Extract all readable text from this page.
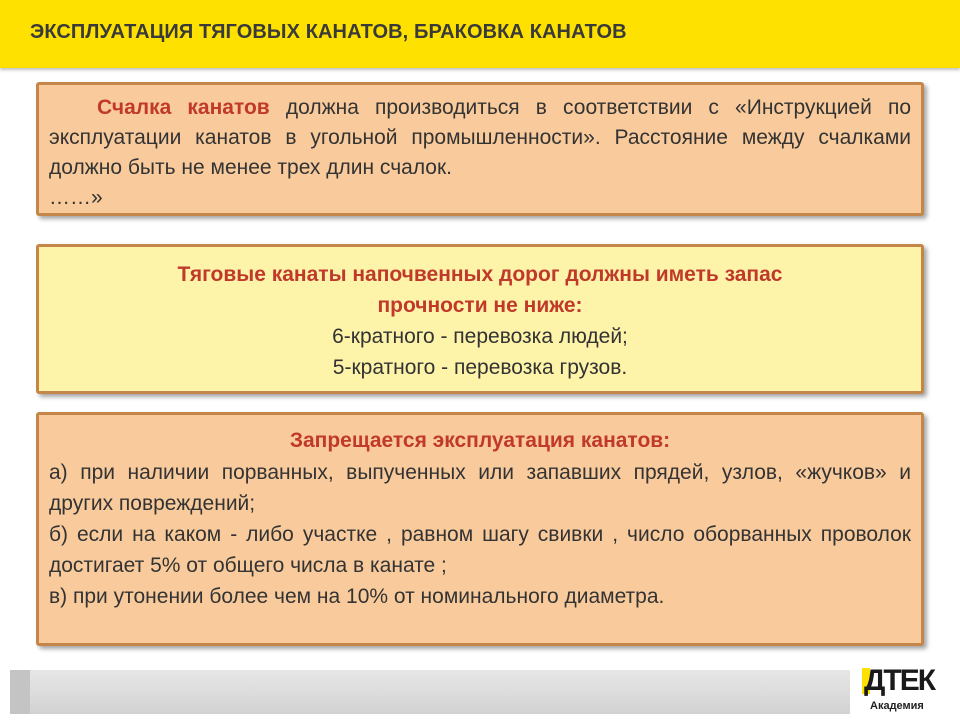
ЭКСПЛУАТАЦИЯ ТЯГОВЫХ КАНАТОВ, БРАКОВКА КАНАТОВ
Счалка канатов должна производиться в соответствии с «Инструкцией по эксплуатации канатов в угольной промышленности». Расстояние между счалками должно быть не менее трех длин счалок.
……»
Тяговые канаты напочвенных дорог должны иметь запас
прочности не ниже:
6-кратного - перевозка людей;
5-кратного - перевозка грузов.
Запрещается эксплуатация канатов:
а) при наличии порванных, выпученных или запавших прядей, узлов, «жучков» и других повреждений;
б) если на каком - либо участке , равном шагу свивки , число оборванных проволок достигает 5% от общего числа в канате ;
в) при утонении более чем на 10% от номинального диаметра.
ДТЕК
Академия
